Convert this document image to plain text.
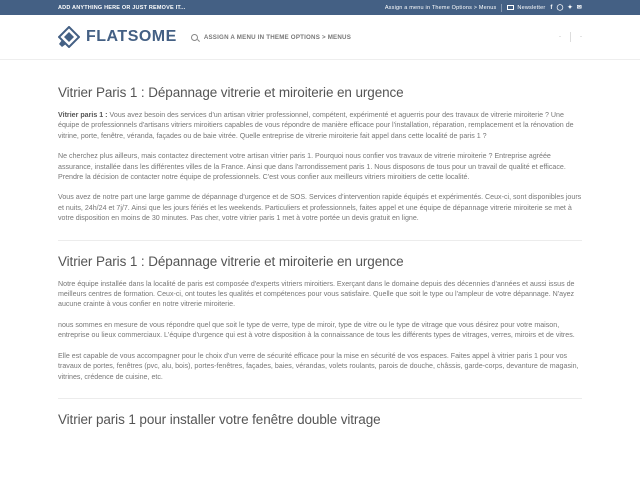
ADD ANYTHING HERE OR JUST REMOVE IT...	Assign a menu in Theme Options > Menus	Newsletter f ◯ ✦ ✉
FLATSOME	ASSIGN A MENU IN THEME OPTIONS > MENUS	-	-
Vitrier Paris 1 : Dépannage vitrerie et miroiterie en urgence

Vitrier paris 1 : Vous avez besoin des services d'un artisan vitrier professionnel, compétent, expérimenté et aguerris pour des travaux de vitrerie miroiterie ? Une équipe de professionnels d'artisans vitriers miroitiers capables de vous répondre de manière efficace pour l'installation, réparation, remplacement et la rénovation de vitrine, porte, fenêtre, véranda, façades ou de baie vitrée. Quelle entreprise de vitrerie miroiterie fait appel dans cette localité de paris 1 ?

Ne cherchez plus ailleurs, mais contactez directement votre artisan vitrier paris 1. Pourquoi nous confier vos travaux de vitrerie miroiterie ? Entreprise agréée assurance, installée dans les différentes villes de la France. Ainsi que dans l'arrondissement paris 1. Nous disposons de tous pour un travail de qualité et efficace. Prendre la décision de contacter notre équipe de professionnels. C'est vous confier aux meilleurs vitriers miroitiers de cette localité.

Vous avez de notre part une large gamme de dépannage d'urgence et de SOS. Services d'intervention rapide équipés et expérimentés. Ceux-ci, sont disponibles jours et nuits, 24h/24 et 7j/7. Ainsi que les jours fériés et les weekends. Particuliers et professionnels, faites appel et une équipe de dépannage vitrerie miroiterie se met à votre disposition en moins de 30 minutes. Pas cher, votre vitrier paris 1 met à votre portée un devis gratuit en ligne.

Vitrier Paris 1 : Dépannage vitrerie et miroiterie en urgence

Notre équipe installée dans la localité de paris est composée d'experts vitriers miroitiers. Exerçant dans le domaine depuis des décennies d'années et aussi issus de meilleurs centres de formation. Ceux-ci, ont toutes les qualités et compétences pour vous satisfaire. Quelle que soit le type ou l'ampleur de votre dépannage. N'ayez aucune crainte à vous confier en notre vitrerie miroiterie.

nous sommes en mesure de vous répondre quel que soit le type de verre, type de miroir, type de vitre ou le type de vitrage que vous désirez pour votre maison, entreprise ou lieux commerciaux. L'équipe d'urgence qui est à votre disposition à la connaissance de tous les différents types de vitrages, verres, miroirs et de vitres.

Elle est capable de vous accompagner pour le choix d'un verre de sécurité efficace pour la mise en sécurité de vos espaces. Faites appel à vitrier paris 1 pour vos travaux de portes, fenêtres (pvc, alu, bois), portes-fenêtres, façades, baies, vérandas, volets roulants, parois de douche, châssis, garde-corps, devanture de magasin, vitrines, crédence de cuisine, etc.

Vitrier paris 1 pour installer votre fenêtre double vitrage
